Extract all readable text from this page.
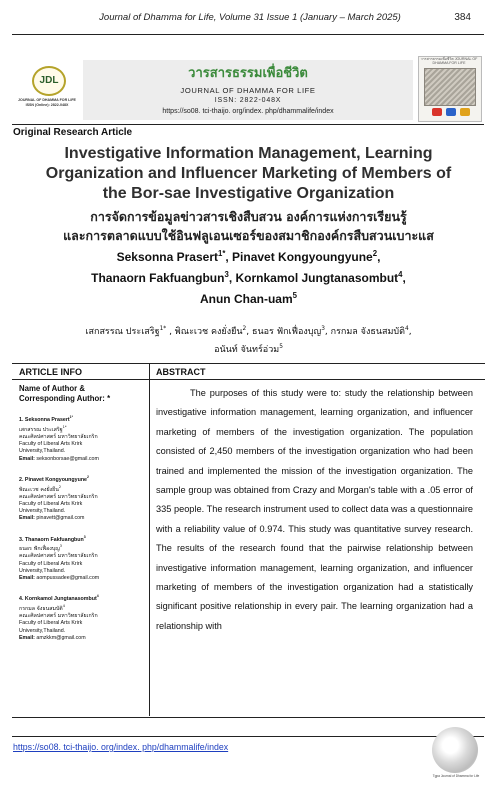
Journal of Dhamma for Life, Volume 31 Issue 1 (January – March 2025)	384
JDL
JOURNAL OF DHAMMA FOR LIFE
ISSN (Online): 2822-048X
วารสารธรรมเพื่อชีวิต
JOURNAL OF DHAMMA FOR LIFE
ISSN: 2822-048X
https://so08. tci-thaijo. org/index. php/dhammalife/index
วารสารธรรมเพื่อชีวิต JOURNAL OF DHAMMA FOR LIFE
Original Research Article
Investigative Information Management, Learning
Organization and Influencer Marketing of Members of
the Bor-sae Investigative Organization
การจัดการข้อมูลข่าวสารเชิงสืบสวน องค์การแห่งการเรียนรู้
และการตลาดแบบใช้อินฟลูเอนเซอร์ของสมาชิกองค์กรสืบสวนเบาะแส
Seksonna Prasert$^{1*}$, Pinavet Kongyoungyune$^2$,
Thanaorn Fakfuangbun$^3$, Kornkamol Jungtanasombut$^4$,
Anun Chan-uam$^5$
เสกสรรณ ประเสริฐ$^{1*}$ , พิณะเวช คงยั่งยืน$^2$, ธนอร ฟักเฟื่องบุญ$^3$, กรกมล จังธนสมบัติ$^4$,
อนันท์ จันทร์อ่วม$^5$
ARTICLE INFO	ABSTRACT
Name of Author &
Corresponding Author: *
1. Seksonna Prasert$^{1*}$
เสกสรรณ ประเสริฐ$^{1*}$
คณะศิลปศาสตร์ มหาวิทยาลัยเกริก
Faculty of Liberal Arts Krirk
University,Thailand.
Email: seksonborsae@gmail.com
2. Pinavet Kongyoungyune$^2$
พิณะเวช คงยั่งยืน$^2$
คณะศิลปศาสตร์ มหาวิทยาลัยเกริก
Faculty of Liberal Arts Krirk
University,Thailand.
Email: pinavett@gmail.com
3. Thanaorn Fakfuangbun$^3$
ธนอร ฟักเฟื่องบุญ$^3$
คณะศิลปศาสตร์ มหาวิทยาลัยเกริก
Faculty of Liberal Arts Krirk
University,Thailand.
Email: aompussadee@gmail.com
4. Kornkamol Jungtanasombut$^4$
กรกมล จังธนสมบัติ$^4$
คณะศิลปศาสตร์ มหาวิทยาลัยเกริก
Faculty of Liberal Arts Krirk
University,Thailand.
Email: amzkkm@gmail.com
The purposes of this study were to: study the relationship between investigative information management, learning organization, and influencer marketing of members of the investigation organization. The population consisted of 2,450 members of the investigation organization who had been trained and implemented the mission of the investigation organization. The sample group was obtained from Crazy and Morgan's table with a .05 error of 335 people. The research instrument used to collect data was a questionnaire with a reliability value of 0.974. This study was quantitative survey research. The results of the research found that the pairwise relationship between investigative information management, learning organization, and influencer marketing of members of the investigation organization had a statistically significant positive relationship in every pair. The learning organization had a relationship with
https://so08. tci-thaijo. org/index. php/dhammalife/index
Tgpa Journal of Dhamma for Life
